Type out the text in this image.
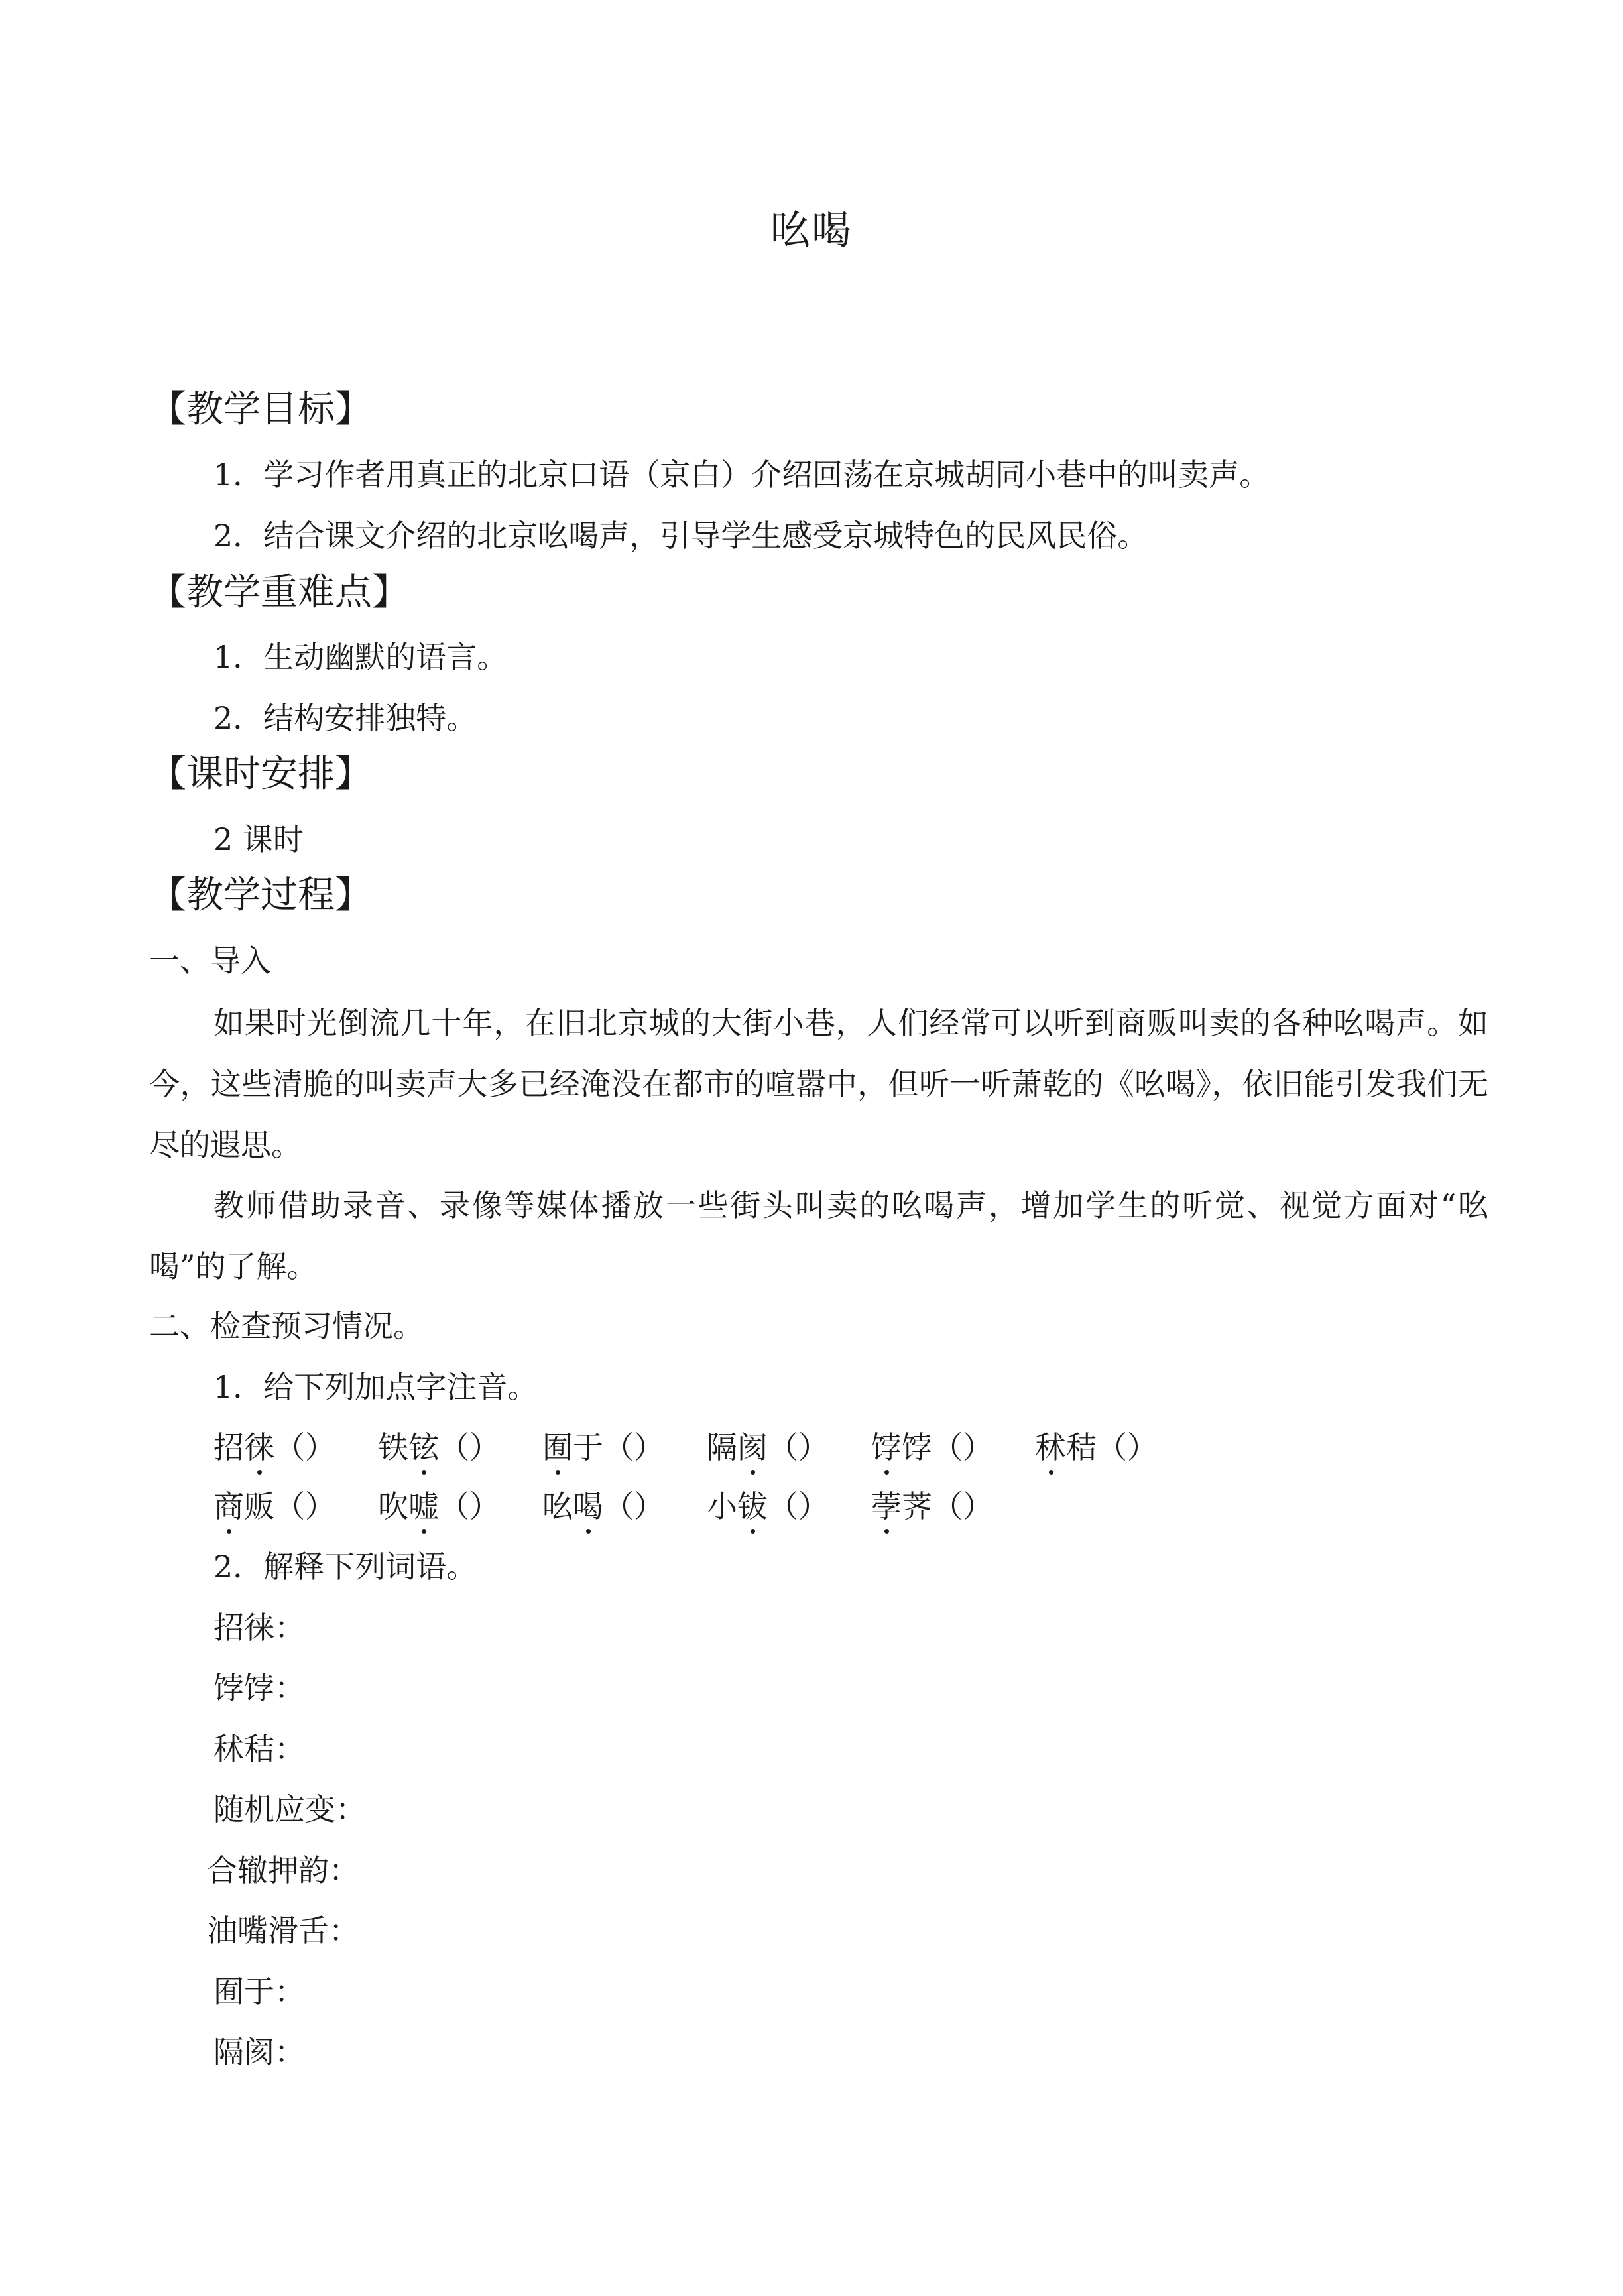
吆喝
【教学目标】
1．学习作者用真正的北京口语（京白）介绍回荡在京城胡同小巷中的叫卖声。
2．结合课文介绍的北京吆喝声，引导学生感受京城特色的民风民俗。
【教学重难点】
1．生动幽默的语言。
2．结构安排独特。
【课时安排】
2 课时
【教学过程】
一、导入
如果时光倒流几十年，在旧北京城的大街小巷，人们经常可以听到商贩叫卖的各种吆喝声。如今，这些清脆的叫卖声大多已经淹没在都市的喧嚣中，但听一听萧乾的《吆喝》，依旧能引发我们无尽的遐思。
教师借助录音、录像等媒体播放一些街头叫卖的吆喝声，增加学生的听觉、视觉方面对“吆喝”的了解。
二、检查预习情况。
1．给下列加点字注音。
招徕（） 铁铉（） 囿于（） 隔阂（） 饽饽（） 秫秸（）
商贩（） 吹嘘（） 吆喝（） 小钹（） 荸荠（）
2．解释下列词语。
招徕：
饽饽：
秫秸：
随机应变：
合辙押韵：
油嘴滑舌：
囿于：
隔阂：
